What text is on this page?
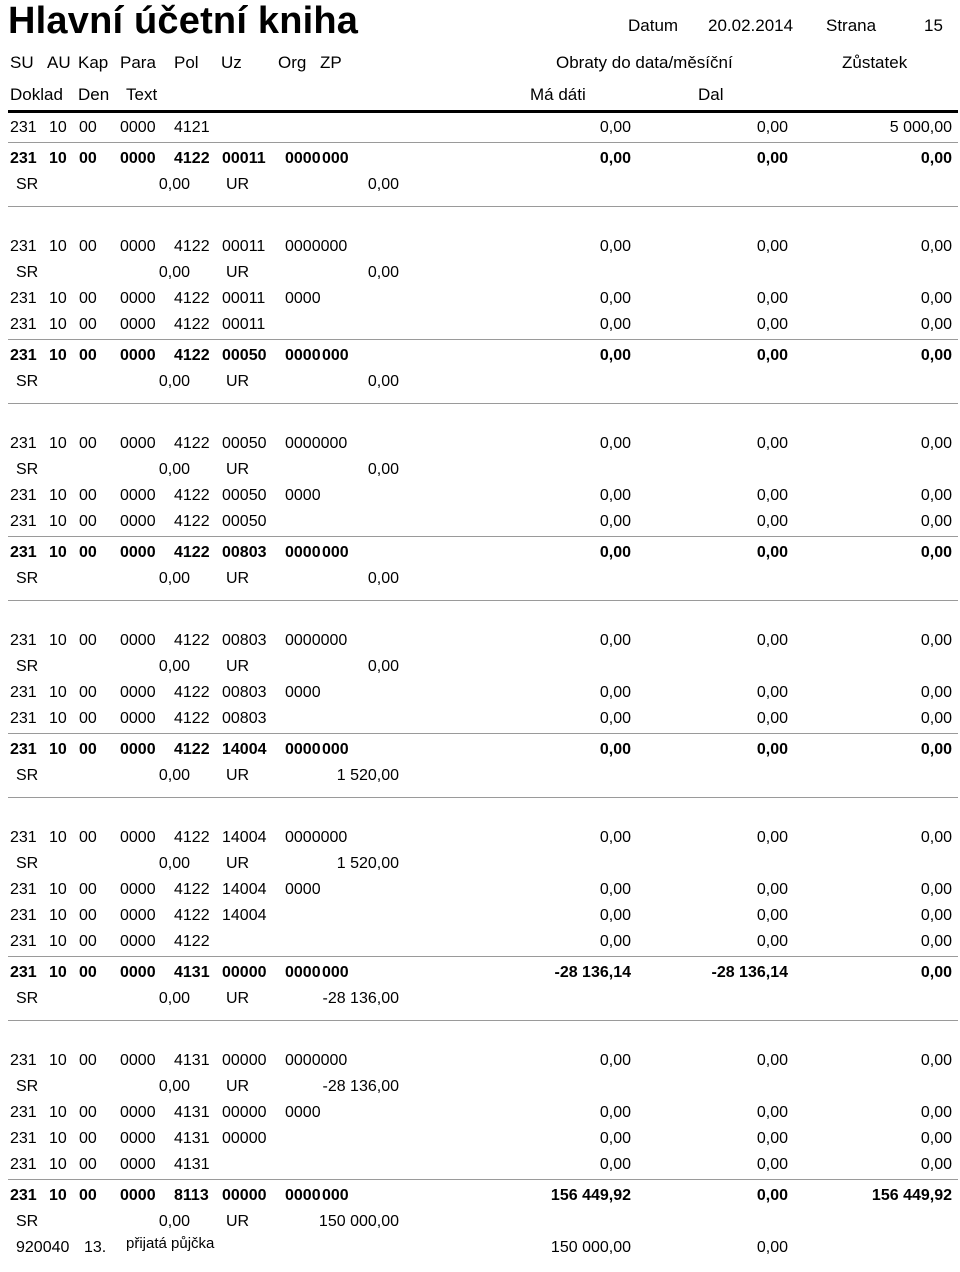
Hlavní účetní kniha	Datum 20.02.2014 Strana	15
SU AU Kap Para Pol Uz Org ZP	Obraty do data/měsíční	Zůstatek
Doklad Den Text	Má dáti	Dal
231 10 00 0000 4121	0,00	0,00	5 000,00
231 10 00 0000 4122 00011 0000 000	0,00	0,00	0,00
SR	0,00 UR	0,00
231 10 00 0000 4122 00011 0000000	0,00	0,00	0,00
SR	0,00 UR	0,00
231 10 00 0000 4122 00011 0000	0,00	0,00	0,00
231 10 00 0000 4122 00011	0,00	0,00	0,00
231 10 00 0000 4122 00050 0000 000	0,00	0,00	0,00
SR	0,00 UR	0,00
231 10 00 0000 4122 00050 0000000	0,00	0,00	0,00
SR	0,00 UR	0,00
231 10 00 0000 4122 00050 0000	0,00	0,00	0,00
231 10 00 0000 4122 00050	0,00	0,00	0,00
231 10 00 0000 4122 00803 0000 000	0,00	0,00	0,00
SR	0,00 UR	0,00
231 10 00 0000 4122 00803 0000000	0,00	0,00	0,00
SR	0,00 UR	0,00
231 10 00 0000 4122 00803 0000	0,00	0,00	0,00
231 10 00 0000 4122 00803	0,00	0,00	0,00
231 10 00 0000 4122 14004 0000 000	0,00	0,00	0,00
SR	0,00 UR	1 520,00
231 10 00 0000 4122 14004 0000000	0,00	0,00	0,00
SR	0,00 UR	1 520,00
231 10 00 0000 4122 14004 0000	0,00	0,00	0,00
231 10 00 0000 4122 14004	0,00	0,00	0,00
231 10 00 0000 4122	0,00	0,00	0,00
231 10 00 0000 4131 00000 0000 000	-28 136,14	-28 136,14	0,00
SR	0,00 UR	-28 136,00
231 10 00 0000 4131 00000 0000000	0,00	0,00	0,00
SR	0,00 UR	-28 136,00
231 10 00 0000 4131 00000 0000	0,00	0,00	0,00
231 10 00 0000 4131 00000	0,00	0,00	0,00
231 10 00 0000 4131	0,00	0,00	0,00
231 10 00 0000 8113 00000 0000 000	156 449,92	0,00	156 449,92
SR	0,00 UR	150 000,00
920040 13. přijatá půjčka	150 000,00	0,00
